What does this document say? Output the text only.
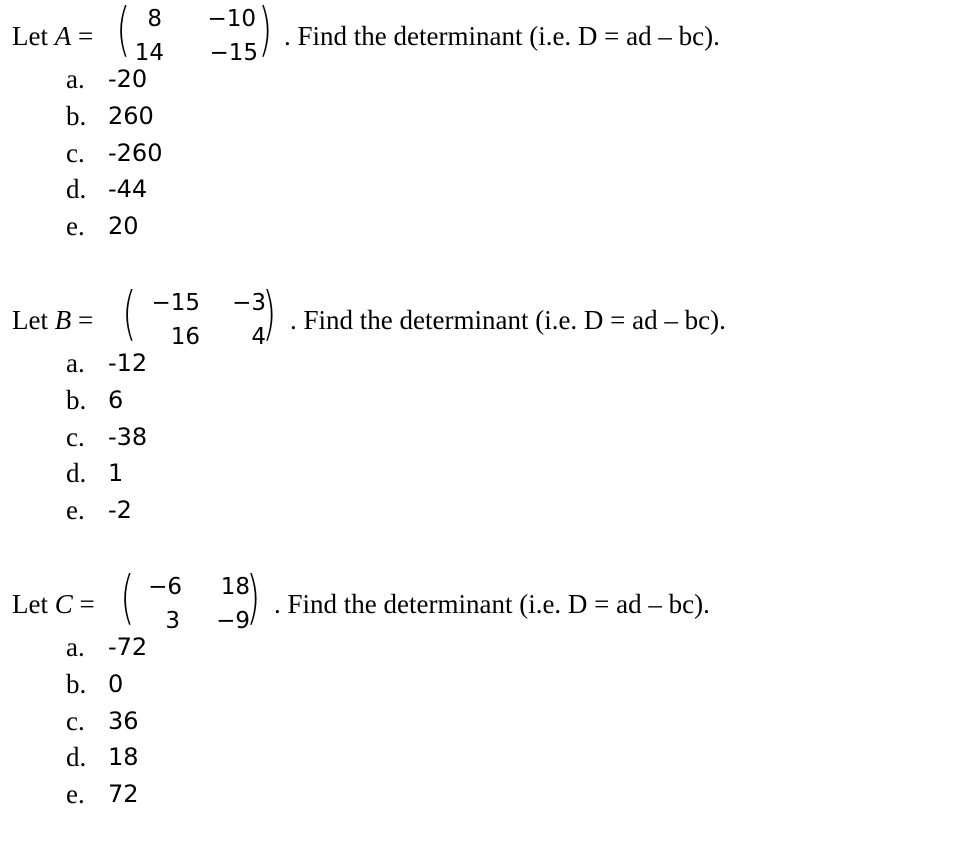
Let A = ( 8	−10
14	−15 ) . Find the determinant (i.e. D = ad – bc).
a. -20
b. 260
c. -260
d. -44
e. 20
Let B = ( −15	−3
16	4
) . Find the determinant (i.e. D = ad – bc).
a. -12
b. 6
c. -38
d. 1
e. -2
Let C = ( −6	18
3	−9
) . Find the determinant (i.e. D = ad – bc).
a. -72
b. 0
c. 36
d. 18
e. 72
